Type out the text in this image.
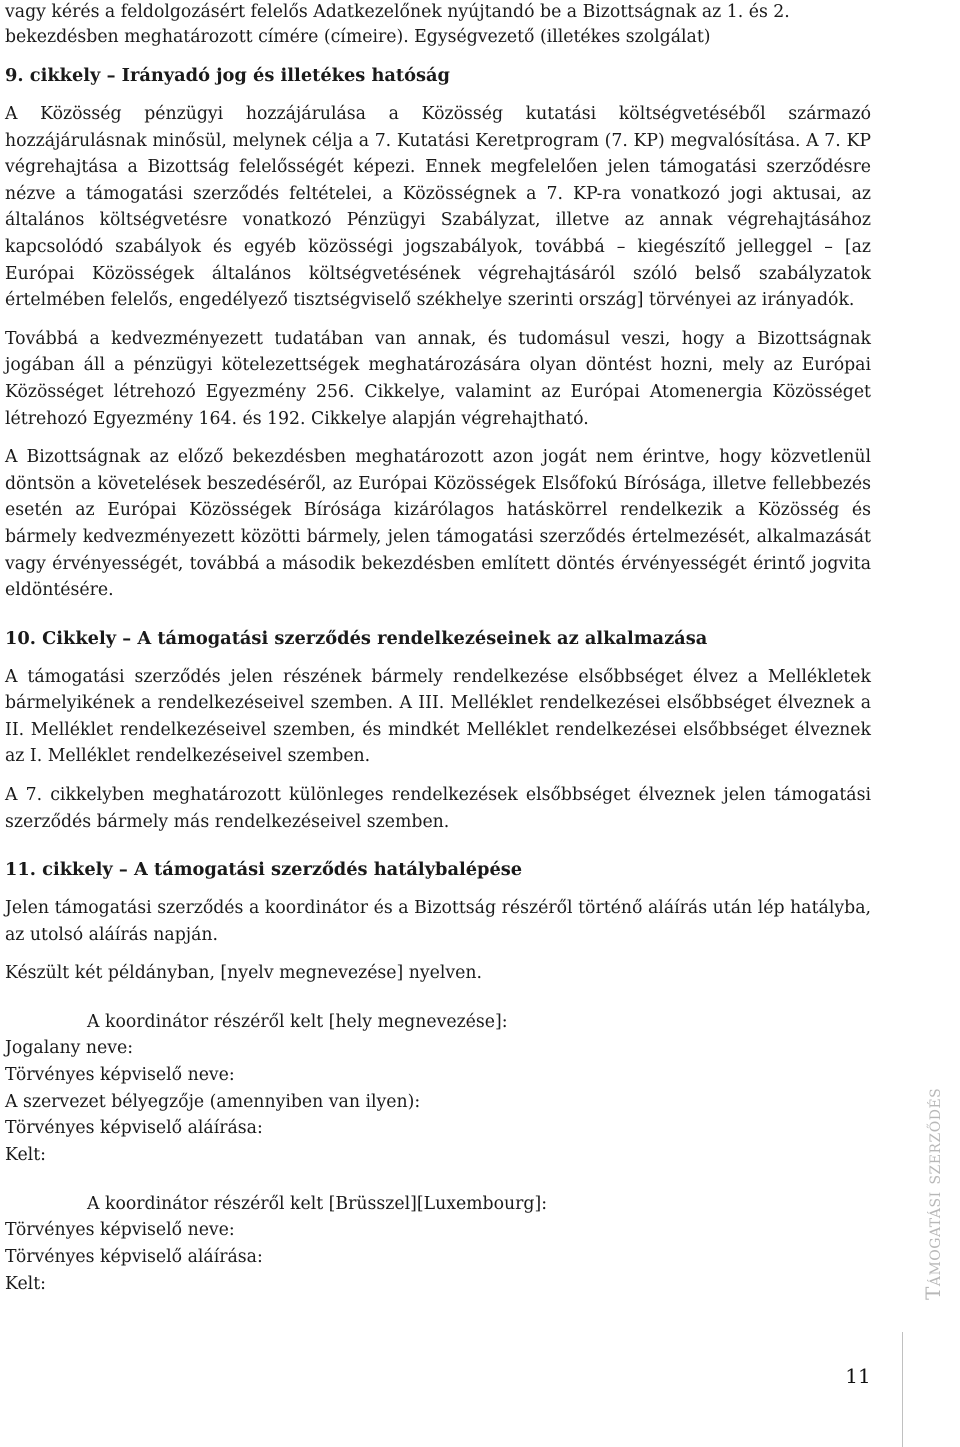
vagy kérés a feldolgozásért felelős Adatkezelőnek nyújtandó be a Bizottságnak az 1. és 2.

bekezdésben meghatározott címére (címeire). Egységvezető (illetékes szolgálat)

9. cikkely – Irányadó jog és illetékes hatóság

A Közösség pénzügyi hozzájárulása a Közösség kutatási költségvetéséből származó hozzájárulásnak minősül, melynek célja a 7. Kutatási Keretprogram (7. KP) megvalósítása. A 7. KP végrehajtása a Bizottság felelősségét képezi. Ennek megfelelően jelen támogatási szerződésre nézve a támogatási szerződés feltételei, a Közösségnek a 7. KP-ra vonatkozó jogi aktusai, az általános költségvetésre vonatkozó Pénzügyi Szabályzat, illetve az annak végrehajtásához kapcsolódó szabályok és egyéb közösségi jogszabályok, továbbá – kiegészítő jelleggel – [az Európai Közösségek általános költségvetésének végrehajtásáról szóló belső szabályzatok értelmében felelős, engedélyező tisztségviselő székhelye szerinti ország] törvényei az irányadók.

Továbbá a kedvezményezett tudatában van annak, és tudomásul veszi, hogy a Bizottságnak jogában áll a pénzügyi kötelezettségek meghatározására olyan döntést hozni, mely az Európai Közösséget létrehozó Egyezmény 256. Cikkelye, valamint az Európai Atomenergia Közösséget létrehozó Egyezmény 164. és 192. Cikkelye alapján végrehajtható.

A Bizottságnak az előző bekezdésben meghatározott azon jogát nem érintve, hogy közvetlenül döntsön a követelések beszedéséről, az Európai Közösségek Elsőfokú Bírósága, illetve fellebbezés esetén az Európai Közösségek Bírósága kizárólagos hatáskörrel rendelkezik a Közösség és bármely kedvezményezett közötti bármely, jelen támogatási szerződés értelmezését, alkalmazását vagy érvényességét, továbbá a második bekezdésben említett döntés érvényességét érintő jogvita eldöntésére.

10. Cikkely – A támogatási szerződés rendelkezéseinek az alkalmazása

A támogatási szerződés jelen részének bármely rendelkezése elsőbbséget élvez a Mellékletek bármelyikének a rendelkezéseivel szemben. A III. Melléklet rendelkezései elsőbbséget élveznek a II. Melléklet rendelkezéseivel szemben, és mindkét Melléklet rendelkezései elsőbbséget élveznek az I. Melléklet rendelkezéseivel szemben.

A 7. cikkelyben meghatározott különleges rendelkezések elsőbbséget élveznek jelen támogatási szerződés bármely más rendelkezéseivel szemben.

11. cikkely – A támogatási szerződés hatálybalépése

Jelen támogatási szerződés a koordinátor és a Bizottság részéről történő aláírás után lép hatályba, az utolsó aláírás napján.

Készült két példányban, [nyelv megnevezése] nyelven.

A koordinátor részéről kelt [hely megnevezése]:
Jogalany neve:
Törvényes képviselő neve:
A szervezet bélyegzője (amennyiben van ilyen):
Törvényes képviselő aláírása:
Kelt:
A koordinátor részéről kelt [Brüsszel][Luxembourg]:
Törvényes képviselő neve:
Törvényes képviselő aláírása:
Kelt:	Támogatási szerződés
11
